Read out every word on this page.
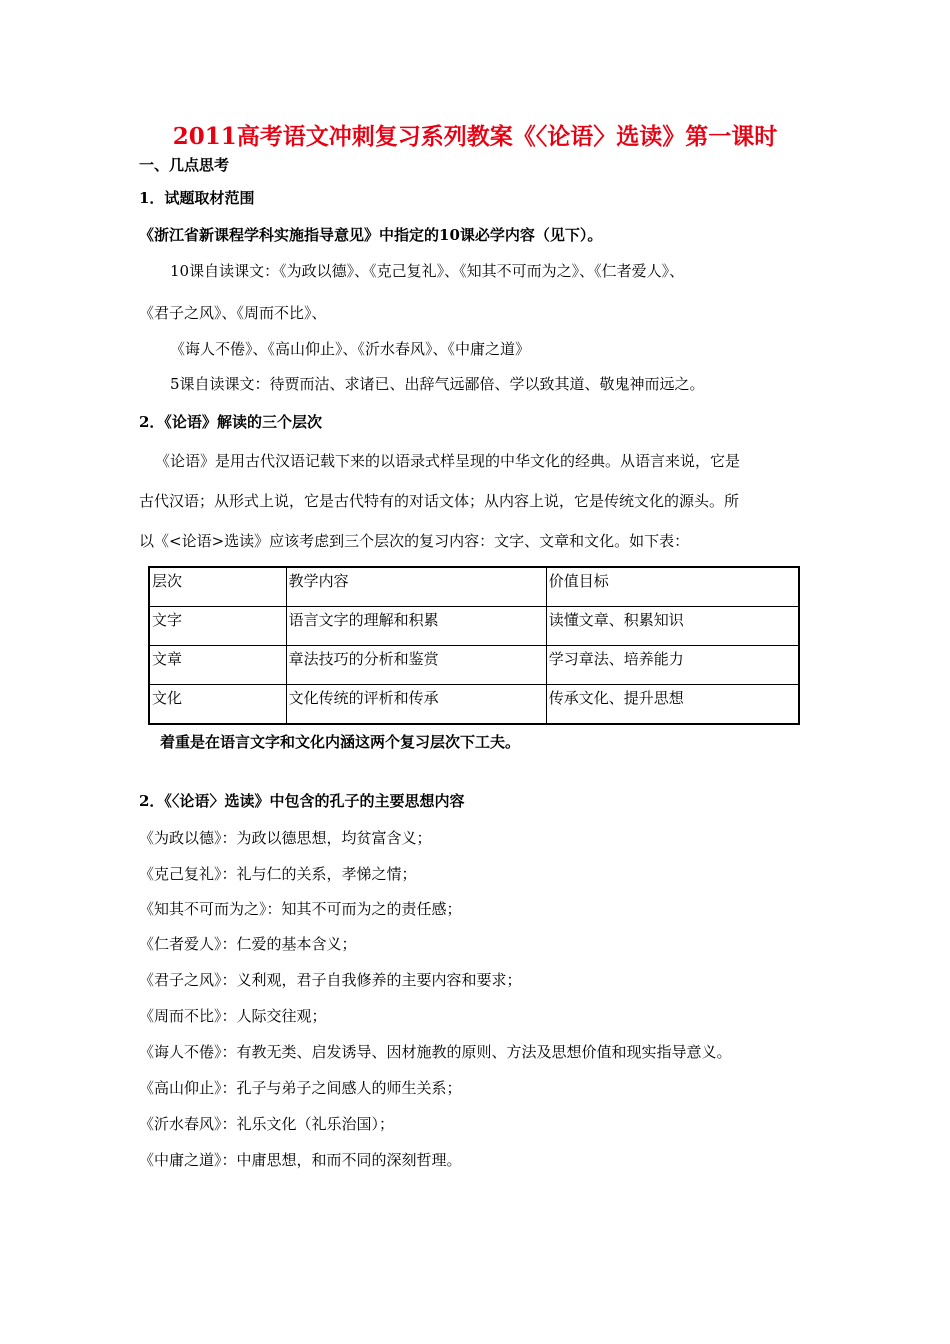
2011高考语文冲刺复习系列教案《〈论语〉选读》第一课时
一、几点思考
1．试题取材范围
《浙江省新课程学科实施指导意见》中指定的10课必学内容（见下）。
10课自读课文：《为政以德》、《克己复礼》、《知其不可而为之》、《仁者爱人》、
《君子之风》、《周而不比》、
《诲人不倦》、《高山仰止》、《沂水春风》、《中庸之道》
5课自读课文：待贾而沽、求诸已、出辞气远鄙倍、学以致其道、敬鬼神而远之。
2．《论语》解读的三个层次
《论语》是用古代汉语记载下来的以语录式样呈现的中华文化的经典。从语言来说，它是
古代汉语；从形式上说，它是古代特有的对话文体；从内容上说，它是传统文化的源头。所
以《<论语>选读》应该考虑到三个层次的复习内容：文字、文章和文化。如下表：
层次	教学内容	价值目标
文字	语言文字的理解和积累	读懂文章、积累知识
文章	章法技巧的分析和鉴赏	学习章法、培养能力
文化	文化传统的评析和传承	传承文化、提升思想
着重是在语言文字和文化内涵这两个复习层次下工夫。
2．《〈论语〉选读》中包含的孔子的主要思想内容
《为政以德》：为政以德思想，均贫富含义；
《克己复礼》：礼与仁的关系，孝悌之情；
《知其不可而为之》：知其不可而为之的责任感；
《仁者爱人》：仁爱的基本含义；
《君子之风》：义利观，君子自我修养的主要内容和要求；
《周而不比》：人际交往观；
《诲人不倦》：有教无类、启发诱导、因材施教的原则、方法及思想价值和现实指导意义。
《高山仰止》：孔子与弟子之间感人的师生关系；
《沂水春风》：礼乐文化（礼乐治国）；
《中庸之道》：中庸思想，和而不同的深刻哲理。
